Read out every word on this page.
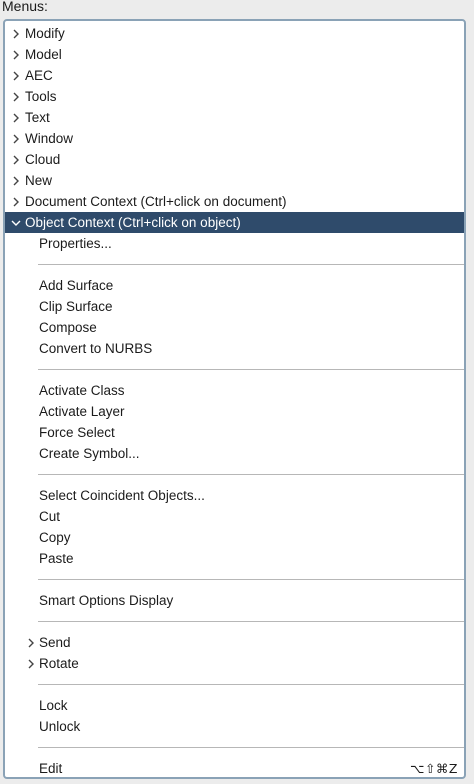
Menus:
Modify
Model
AEC
Tools
Text
Window
Cloud
New
Document Context (Ctrl+click on document)
Object Context (Ctrl+click on object)
Properties...
Add Surface
Clip Surface
Compose
Convert to NURBS
Activate Class
Activate Layer
Force Select
Create Symbol...
Select Coincident Objects...
Cut
Copy
Paste
Smart Options Display
Send
Rotate
Lock
Unlock
Edit	⌥⇧⌘Z
